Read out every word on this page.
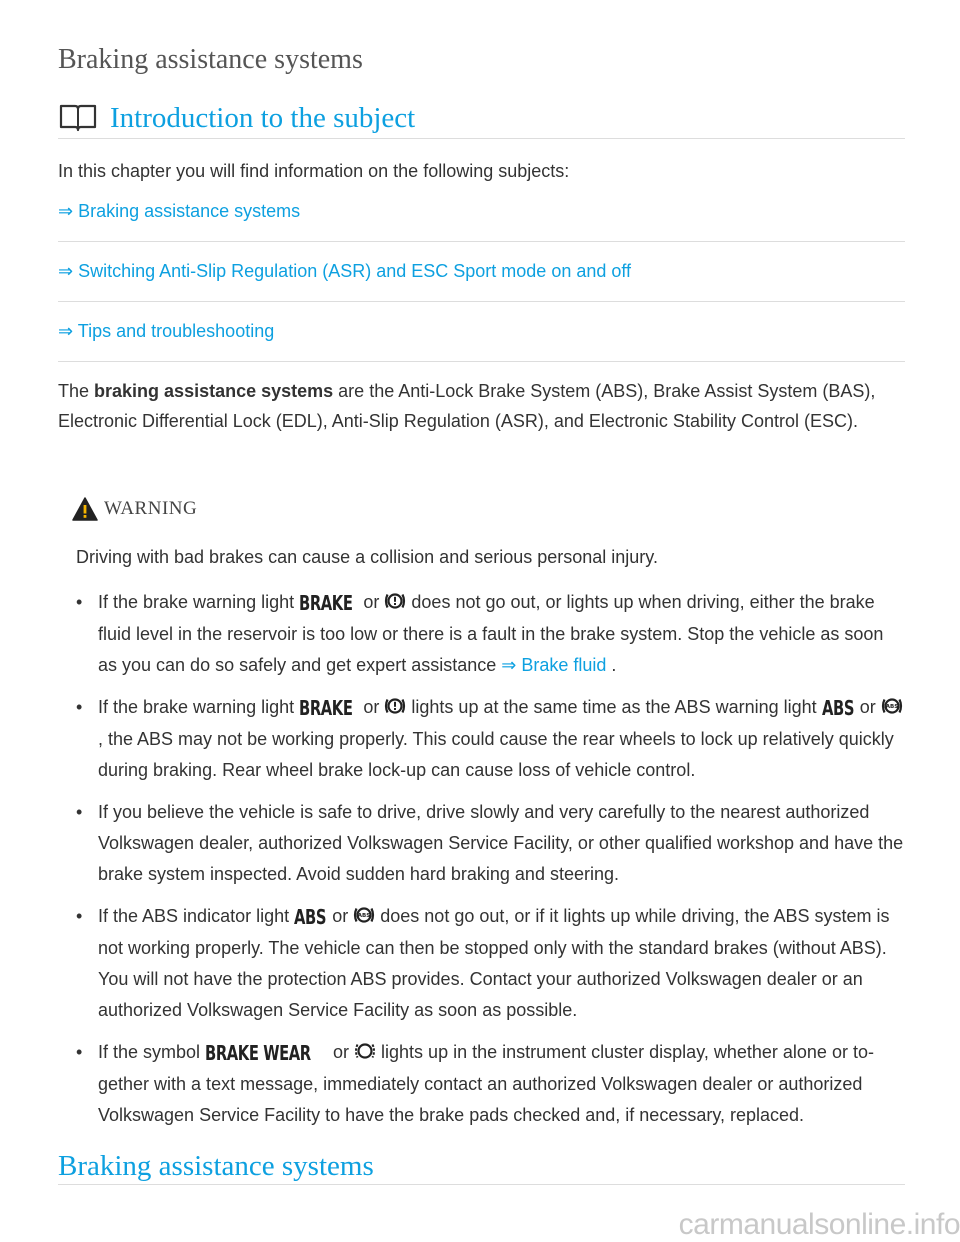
Braking assistance systems
Introduction to the subject

In this chapter you will find information on the following subjects:

⇒ Braking assistance systems

⇒ Switching Anti-Slip Regulation (ASR) and ESC Sport mode on and off

⇒ Tips and troubleshooting

The braking assistance systems are the Anti-Lock Brake System (ABS), Brake Assist System (BAS), Electronic Differential Lock (EDL), Anti-Slip Regulation (ASR), and Electronic Stability Control (ESC).

WARNING

Driving with bad brakes can cause a collision and serious personal injury.

• If the brake warning light BRAKE or  does not go out, or lights up when driving, either the brake fluid level in the reservoir is too low or there is a fault in the brake system. Stop the vehicle as soon as you can do so safely and get expert assistance ⇒ Brake fluid .
• If the brake warning light BRAKE or  lights up at the same time as the ABS warning light ABS or ABS
, the ABS may not be working properly. This could cause the rear wheels to lock up relatively quickly during braking. Rear wheel brake lock-up can cause loss of vehicle control.
• If you believe the vehicle is safe to drive, drive slowly and very carefully to the nearest authorized Volkswagen dealer, authorized Volkswagen Service Facility, or other qualified workshop and have the brake system inspected. Avoid sudden hard braking and steering.
• If the ABS indicator light ABS or ABS does not go out, or if it lights up while driving, the ABS system is not working properly. The vehicle can then be stopped only with the standard brakes (without ABS). You will not have the protection ABS provides. Contact your authorized Volkswagen dealer or an authorized Volkswagen Service Facility as soon as possible.
• If the symbol BRAKE WEAR or  lights up in the instrument cluster display, whether alone or together with a text message, immediately contact an authorized Volkswagen dealer or authorized Volkswagen Service Facility to have the brake pads checked and, if necessary, replaced.
Braking assistance systems
carmanualsonline.info
